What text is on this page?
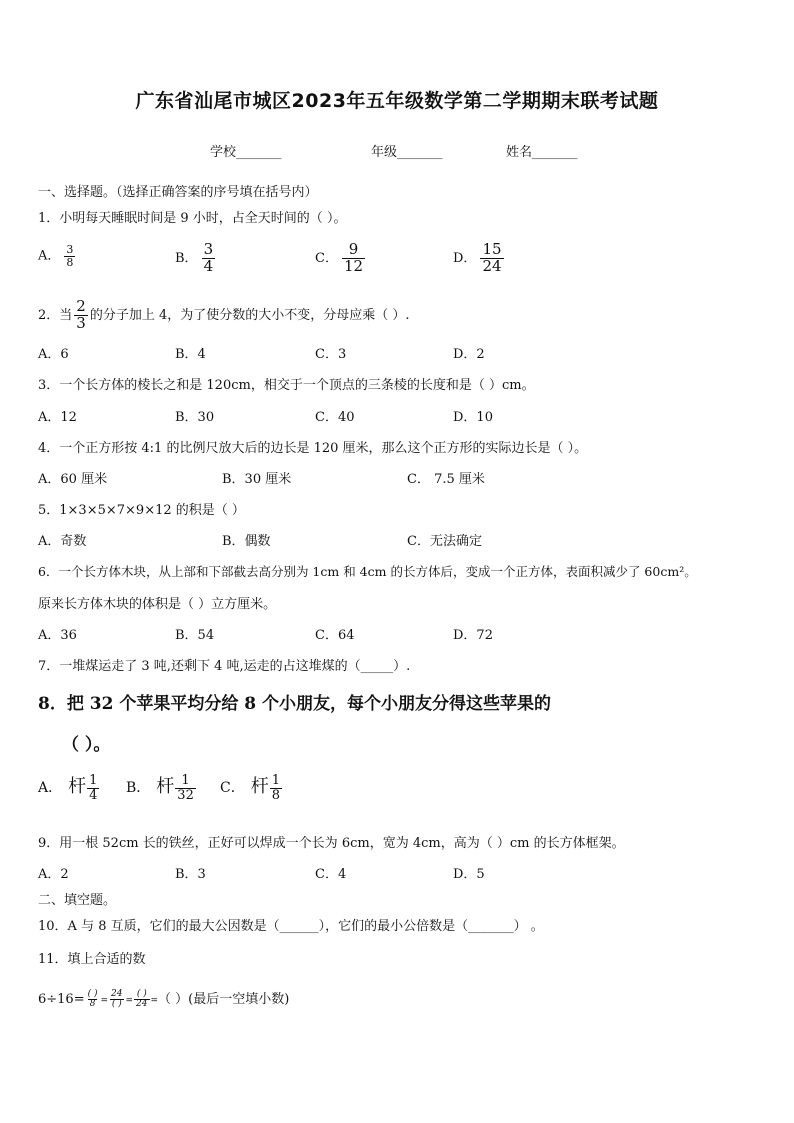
广东省汕尾市城区2023年五年级数学第二学期期末联考试题
学校_______	年级_______	姓名_______
一、选择题。（选择正确答案的序号填在括号内）
1．小明每天睡眠时间是 9 小时，占全天时间的（ ）。
A． $\frac{3}{8}$	B． $\frac{3}{4}$	C． $\frac{9}{12}$	D． $\frac{15}{24}$
2．当 $\frac{2}{3}$ 的分子加上 4，为了使分数的大小不变，分母应乘（ ）.
A．6	B．4	C．3	D．2
3．一个长方体的棱长之和是 120cm，相交于一个顶点的三条棱的长度和是（ ）cm。
A．12	B．30	C．40	D．10
4．一个正方形按 4:1 的比例尺放大后的边长是 120 厘米，那么这个正方形的实际边长是（ ）。
A．60 厘米	B．30 厘米	C． 7.5 厘米
5．1×3×5×7×9×12 的积是（ ）
A．奇数	B．偶数	C．无法确定
6．一个长方体木块，从上部和下部截去高分别为 1cm 和 4cm 的长方体后，变成一个正方体，表面积减少了 60cm²。
原来长方体木块的体积是（ ）立方厘米。
A．36	B．54	C．64	D．72
7．一堆煤运走了 3 吨,还剩下 4 吨,运走的占这堆煤的（_____）.
8．把 32 个苹果平均分给 8 个小朋友，每个小朋友分得这些苹果的
（ ）。
A． 杆 $\frac{1}{4}$ B． 杆 $\frac{1}{32}$ C． 杆 $\frac{1}{8}$
9．用一根 52cm 长的铁丝，正好可以焊成一个长为 6cm，宽为 4cm，高为（ ）cm 的长方体框架。
A．2	B．3	C．4	D．5
二、填空题。
10．A 与 8 互质，它们的最大公因数是（______），它们的最小公倍数是（_______） 。
11．填上合适的数
$6\div 16= \frac{( )}{8} = \frac{24}{( )} = \frac{( )}{24}$ =（ ）(最后一空填小数)
